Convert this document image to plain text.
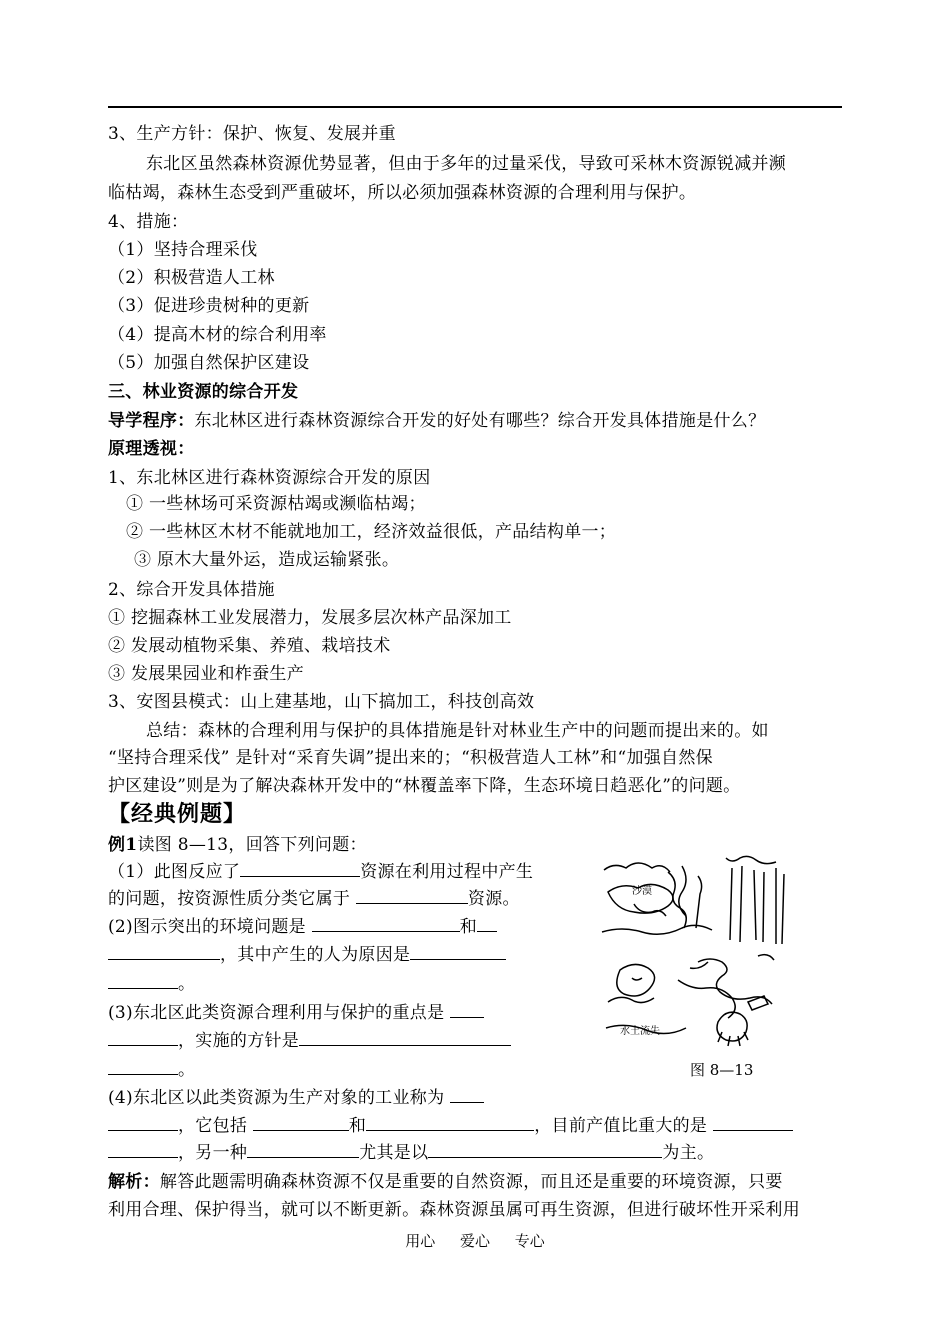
3、生产方针：保护、恢复、发展并重
东北区虽然森林资源优势显著，但由于多年的过量采伐，导致可采林木资源锐减并濒
临枯竭，森林生态受到严重破坏，所以必须加强森林资源的合理利用与保护。
4、措施：
（1）坚持合理采伐
（2）积极营造人工林
（3）促进珍贵树种的更新
（4）提高木材的综合利用率
（5）加强自然保护区建设
三、林业资源的综合开发
导学程序：东北林区进行森林资源综合开发的好处有哪些？综合开发具体措施是什么？
原理透视：
1、东北林区进行森林资源综合开发的原因
① 一些林场可采资源枯竭或濒临枯竭；
② 一些林区木材不能就地加工，经济效益很低，产品结构单一；
③ 原木大量外运，造成运输紧张。
2、综合开发具体措施
① 挖掘森林工业发展潜力，发展多层次林产品深加工
② 发展动植物采集、养殖、栽培技术
③ 发展果园业和柞蚕生产
3、安图县模式：山上建基地，山下搞加工，科技创高效
总结：森林的合理利用与保护的具体措施是针对林业生产中的问题而提出来的。如
“坚持合理采伐” 是针对“采育失调”提出来的；“积极营造人工林”和“加强自然保
护区建设”则是为了解决森林开发中的“林覆盖率下降，生态环境日趋恶化”的问题。
【经典例题】
例1读图 8—13，回答下列问题：
（1）此图反应了	资源在利用过程中产生
的问题，按资源性质分类它属于	资源。
(2)图示突出的环境问题是	和
，其中产生的人为原因是
。
(3)东北区此类资源合理利用与保护的重点是
，实施的方针是
。
(4)东北区以此类资源为生产对象的工业称为
，它包括	和	，目前产值比重大的是
，另一种	尤其是以	为主。
解析：解答此题需明确森林资源不仅是重要的自然资源，而且还是重要的环境资源，只要
利用合理、保护得当，就可以不断更新。森林资源虽属可再生资源，但进行破坏性开采利用
沙漠
水土流失
图 8—13
用心 爱心 专心
